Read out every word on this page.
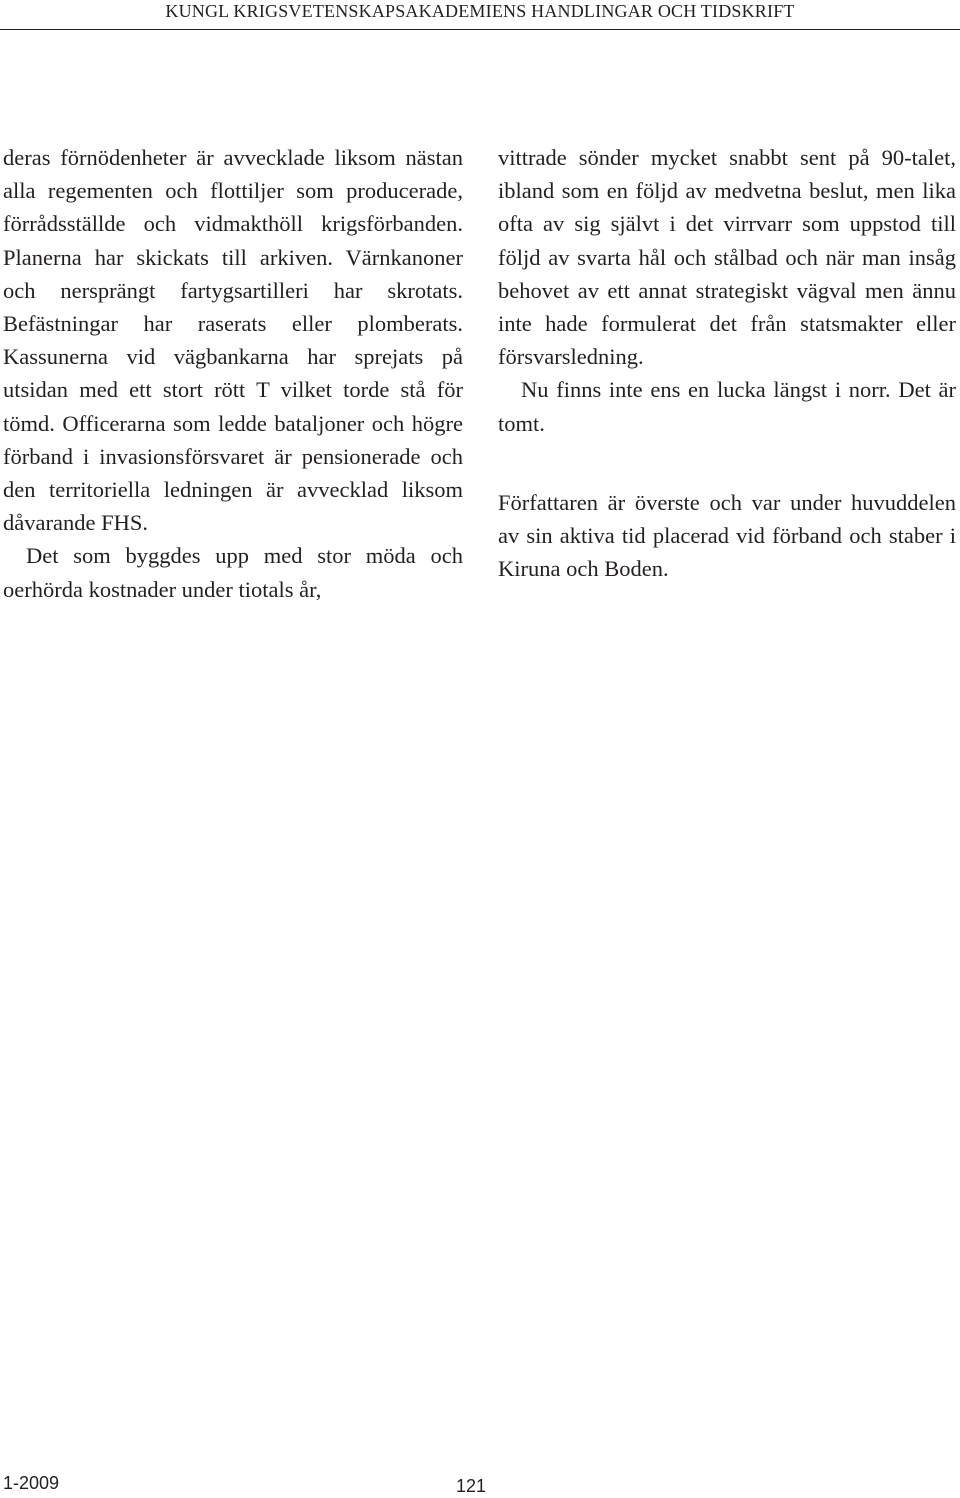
KUNGL KRIGSVETENSKAPSAKADEMIENS HANDLINGAR OCH TIDSKRIFT

deras förnödenheter är avvecklade liksom nästan alla regementen och flottiljer som producerade, förrådsställde och vidmakthöll krigsförbanden. Planerna har skickats till arkiven. Värnkanoner och nersprängt fartygsartilleri har skrotats. Befästningar har raserats eller plomberats. Kassunerna vid vägbankarna har sprejats på utsidan med ett stort rött T vilket torde stå för tömd. Officerarna som ledde bataljoner och högre förband i invasionsförsvaret är pensionerade och den territoriella ledningen är avvecklad liksom dåvarande FHS.

Det som byggdes upp med stor möda och oerhörda kostnader under tiotals år,

vittrade sönder mycket snabbt sent på 90-talet, ibland som en följd av medvetna beslut, men lika ofta av sig självt i det virrvarr som uppstod till följd av svarta hål och stålbad och när man insåg behovet av ett annat strategiskt vägval men ännu inte hade formulerat det från statsmakter eller försvarsledning.

Nu finns inte ens en lucka längst i norr. Det är tomt.

Författaren är överste och var under huvuddelen av sin aktiva tid placerad vid förband och staber i Kiruna och Boden.

1-2009	121
